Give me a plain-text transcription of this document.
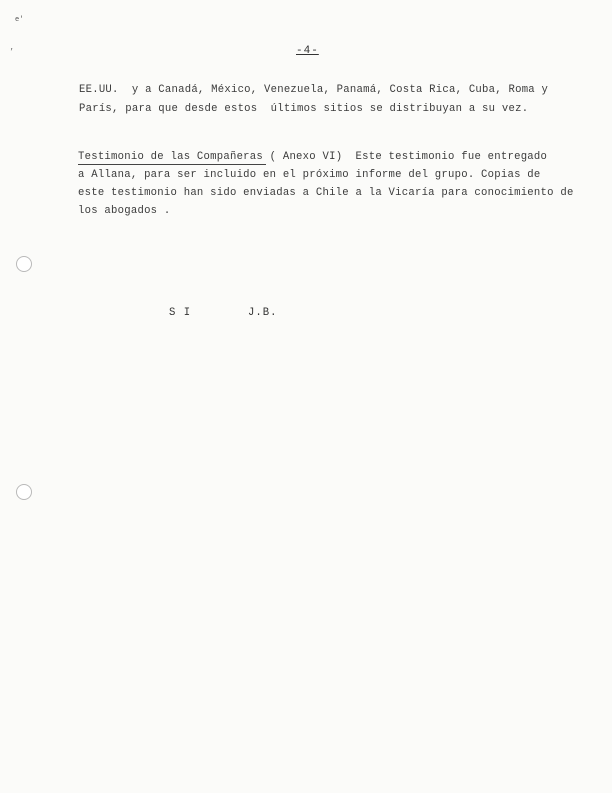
e'
,	-4-
EE.UU.  y a Canadá, México, Venezuela, Panamá, Costa Rica, Cuba, Roma y
París, para que desde estos  últimos sitios se distribuyan a su vez.
Testimonio de las Compañeras ( Anexo VI)  Este testimonio fue entregado
a Allana, para ser incluido en el próximo informe del grupo. Copias de
este testimonio han sido enviadas a Chile a la Vicaría para conocimiento de
los abogados .
S I	J.B.
